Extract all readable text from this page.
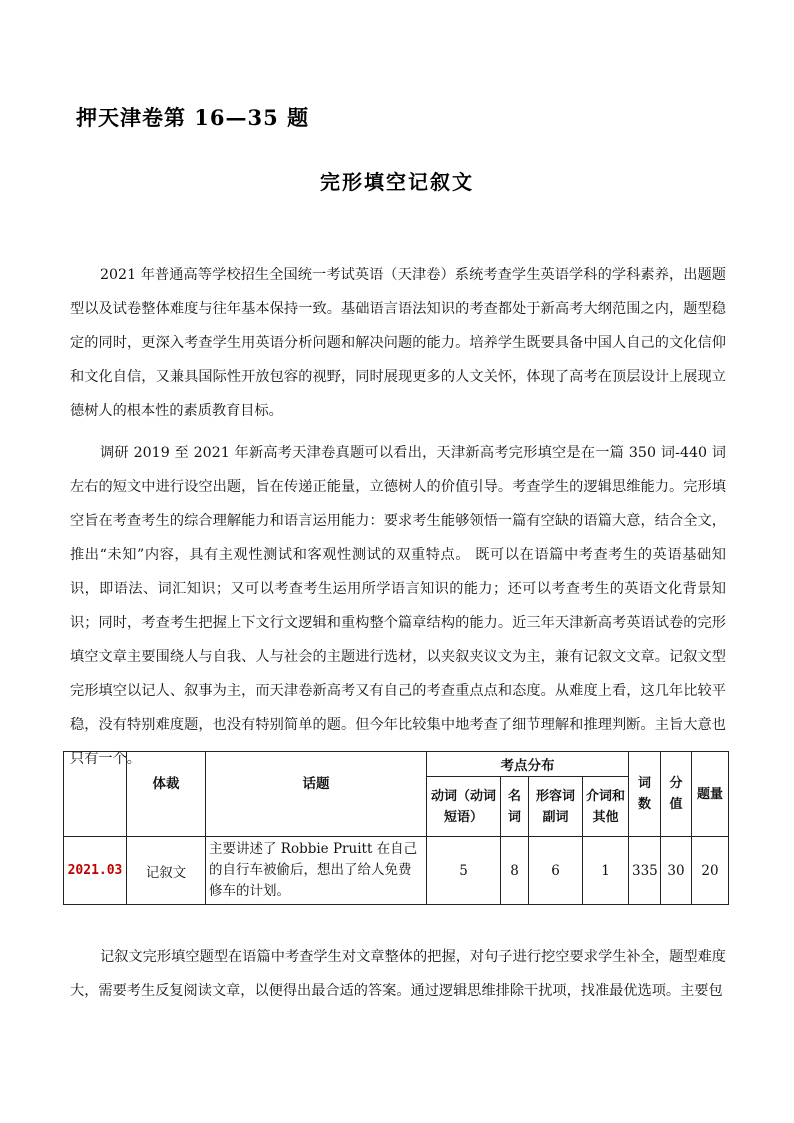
押天津卷第 16—35 题
完形填空记叙文

2021 年普通高等学校招生全国统一考试英语（天津卷）系统考查学生英语学科的学科素养，出题题型以及试卷整体难度与往年基本保持一致。基础语言语法知识的考查都处于新高考大纲范围之内，题型稳定的同时，更深入考查学生用英语分析问题和解决问题的能力。培养学生既要具备中国人自己的文化信仰和文化自信，又兼具国际性开放包容的视野，同时展现更多的人文关怀，体现了高考在顶层设计上展现立德树人的根本性的素质教育目标。

调研 2019 至 2021 年新高考天津卷真题可以看出，天津新高考完形填空是在一篇 350 词-440 词左右的短文中进行设空出题，旨在传递正能量，立德树人的价值引导。考查学生的逻辑思维能力。完形填空旨在考查考生的综合理解能力和语言运用能力：要求考生能够领悟一篇有空缺的语篇大意，结合全文，推出“未知”内容，具有主观性测试和客观性测试的双重特点。 既可以在语篇中考查考生的英语基础知识，即语法、词汇知识；又可以考查考生运用所学语言知识的能力；还可以考查考生的英语文化背景知识；同时，考查考生把握上下文行文逻辑和重构整个篇章结构的能力。近三年天津新高考英语试卷的完形填空文章主要围绕人与自我、人与社会的主题进行选材，以夹叙夹议文为主，兼有记叙文文章。记叙文型完形填空以记人、叙事为主，而天津卷新高考又有自己的考查重点点和态度。从难度上看，这几年比较平稳，没有特别难度题，也没有特别简单的题。但今年比较集中地考查了细节理解和推理判断。主旨大意也只有一个。

	体裁	话题	考点分布				词数	分值	题量
			动词（动词短语）	名词	形容词副词	介词和其他			
2021.03	记叙文	主要讲述了 Robbie Pruitt 在自己的自行车被偷后，想出了给人免费修车的计划。	5	8	6	1	335	30	20

记叙文完形填空题型在语篇中考查学生对文章整体的把握，对句子进行挖空要求学生补全，题型难度大，需要考生反复阅读文章，以便得出最合适的答案。通过逻辑思维排除干扰项，找准最优选项。主要包
